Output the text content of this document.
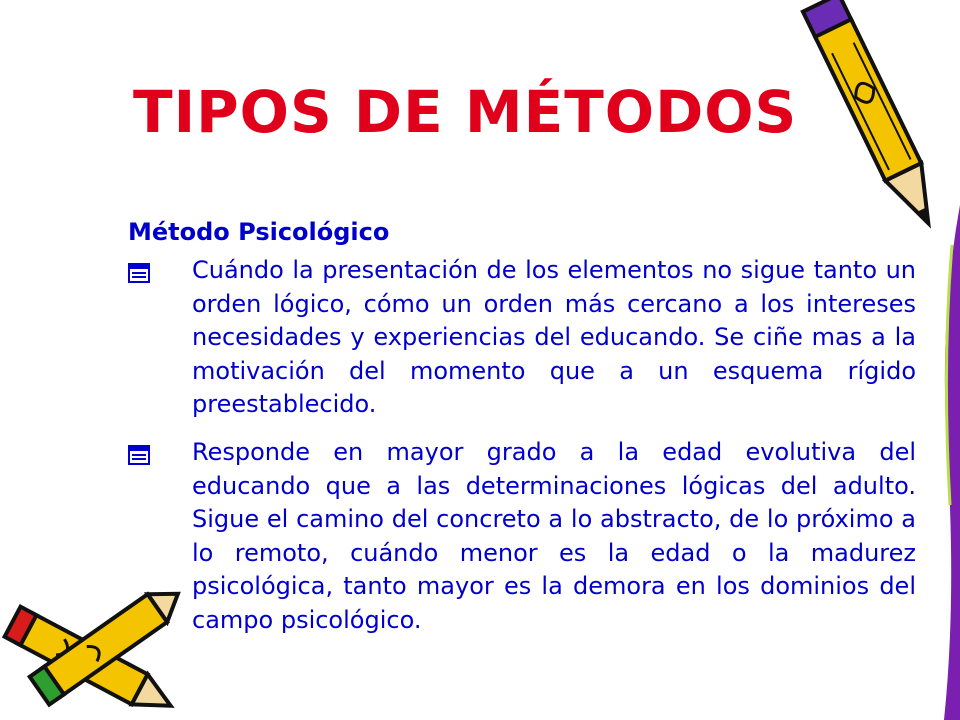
TIPOS DE MÉTODOS
Método Psicológico
Cuándo la presentación de los elementos no sigue tanto un orden lógico, cómo un orden más cercano a los intereses necesidades y experiencias del educando. Se ciñe mas a la motivación del momento que a un esquema rígido preestablecido.
Responde en mayor grado a la edad evolutiva del educando que a las determinaciones lógicas del adulto. Sigue el camino del concreto a lo abstracto, de lo próximo a lo remoto, cuándo menor es la edad o la madurez psicológica, tanto mayor es la demora en los dominios del campo psicológico.
